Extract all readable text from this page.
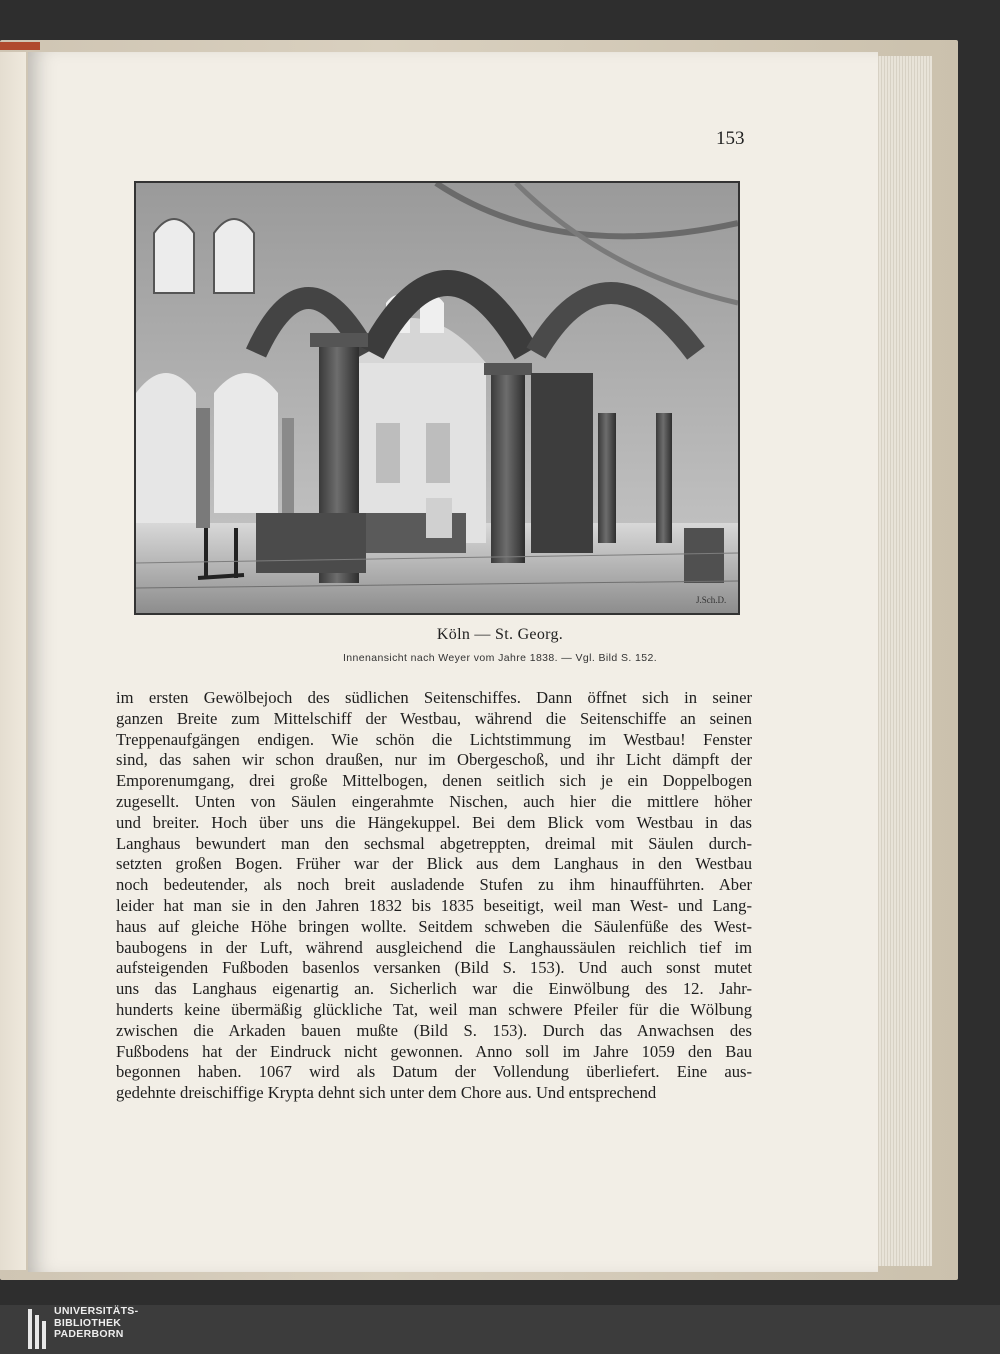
153
J.Sch.D.
Köln — St. Georg.
Innenansicht nach Weyer vom Jahre 1838. — Vgl. Bild S. 152.
im ersten Gewölbejoch des südlichen Seitenschiffes. Dann öffnet sich in seiner
ganzen Breite zum Mittelschiff der Westbau, während die Seitenschiffe an seinen
Treppenaufgängen endigen. Wie schön die Lichtstimmung im Westbau! Fenster
sind, das sahen wir schon draußen, nur im Obergeschoß, und ihr Licht dämpft der
Emporenumgang, drei große Mittelbogen, denen seitlich sich je ein Doppelbogen
zugesellt. Unten von Säulen eingerahmte Nischen, auch hier die mittlere höher
und breiter. Hoch über uns die Hängekuppel. Bei dem Blick vom Westbau in das
Langhaus bewundert man den sechsmal abgetreppten, dreimal mit Säulen durch-
setzten großen Bogen. Früher war der Blick aus dem Langhaus in den Westbau
noch bedeutender, als noch breit ausladende Stufen zu ihm hinaufführten. Aber
leider hat man sie in den Jahren 1832 bis 1835 beseitigt, weil man West- und Lang-
haus auf gleiche Höhe bringen wollte. Seitdem schweben die Säulenfüße des West-
baubogens in der Luft, während ausgleichend die Langhaussäulen reichlich tief im
aufsteigenden Fußboden basenlos versanken (Bild S. 153). Und auch sonst mutet
uns das Langhaus eigenartig an. Sicherlich war die Einwölbung des 12. Jahr-
hunderts keine übermäßig glückliche Tat, weil man schwere Pfeiler für die Wölbung
zwischen die Arkaden bauen mußte (Bild S. 153). Durch das Anwachsen des
Fußbodens hat der Eindruck nicht gewonnen. Anno soll im Jahre 1059 den Bau
begonnen haben. 1067 wird als Datum der Vollendung überliefert. Eine aus-
gedehnte dreischiffige Krypta dehnt sich unter dem Chore aus. Und entsprechend
UNIVERSITÄTS-
BIBLIOTHEK
PADERBORN
